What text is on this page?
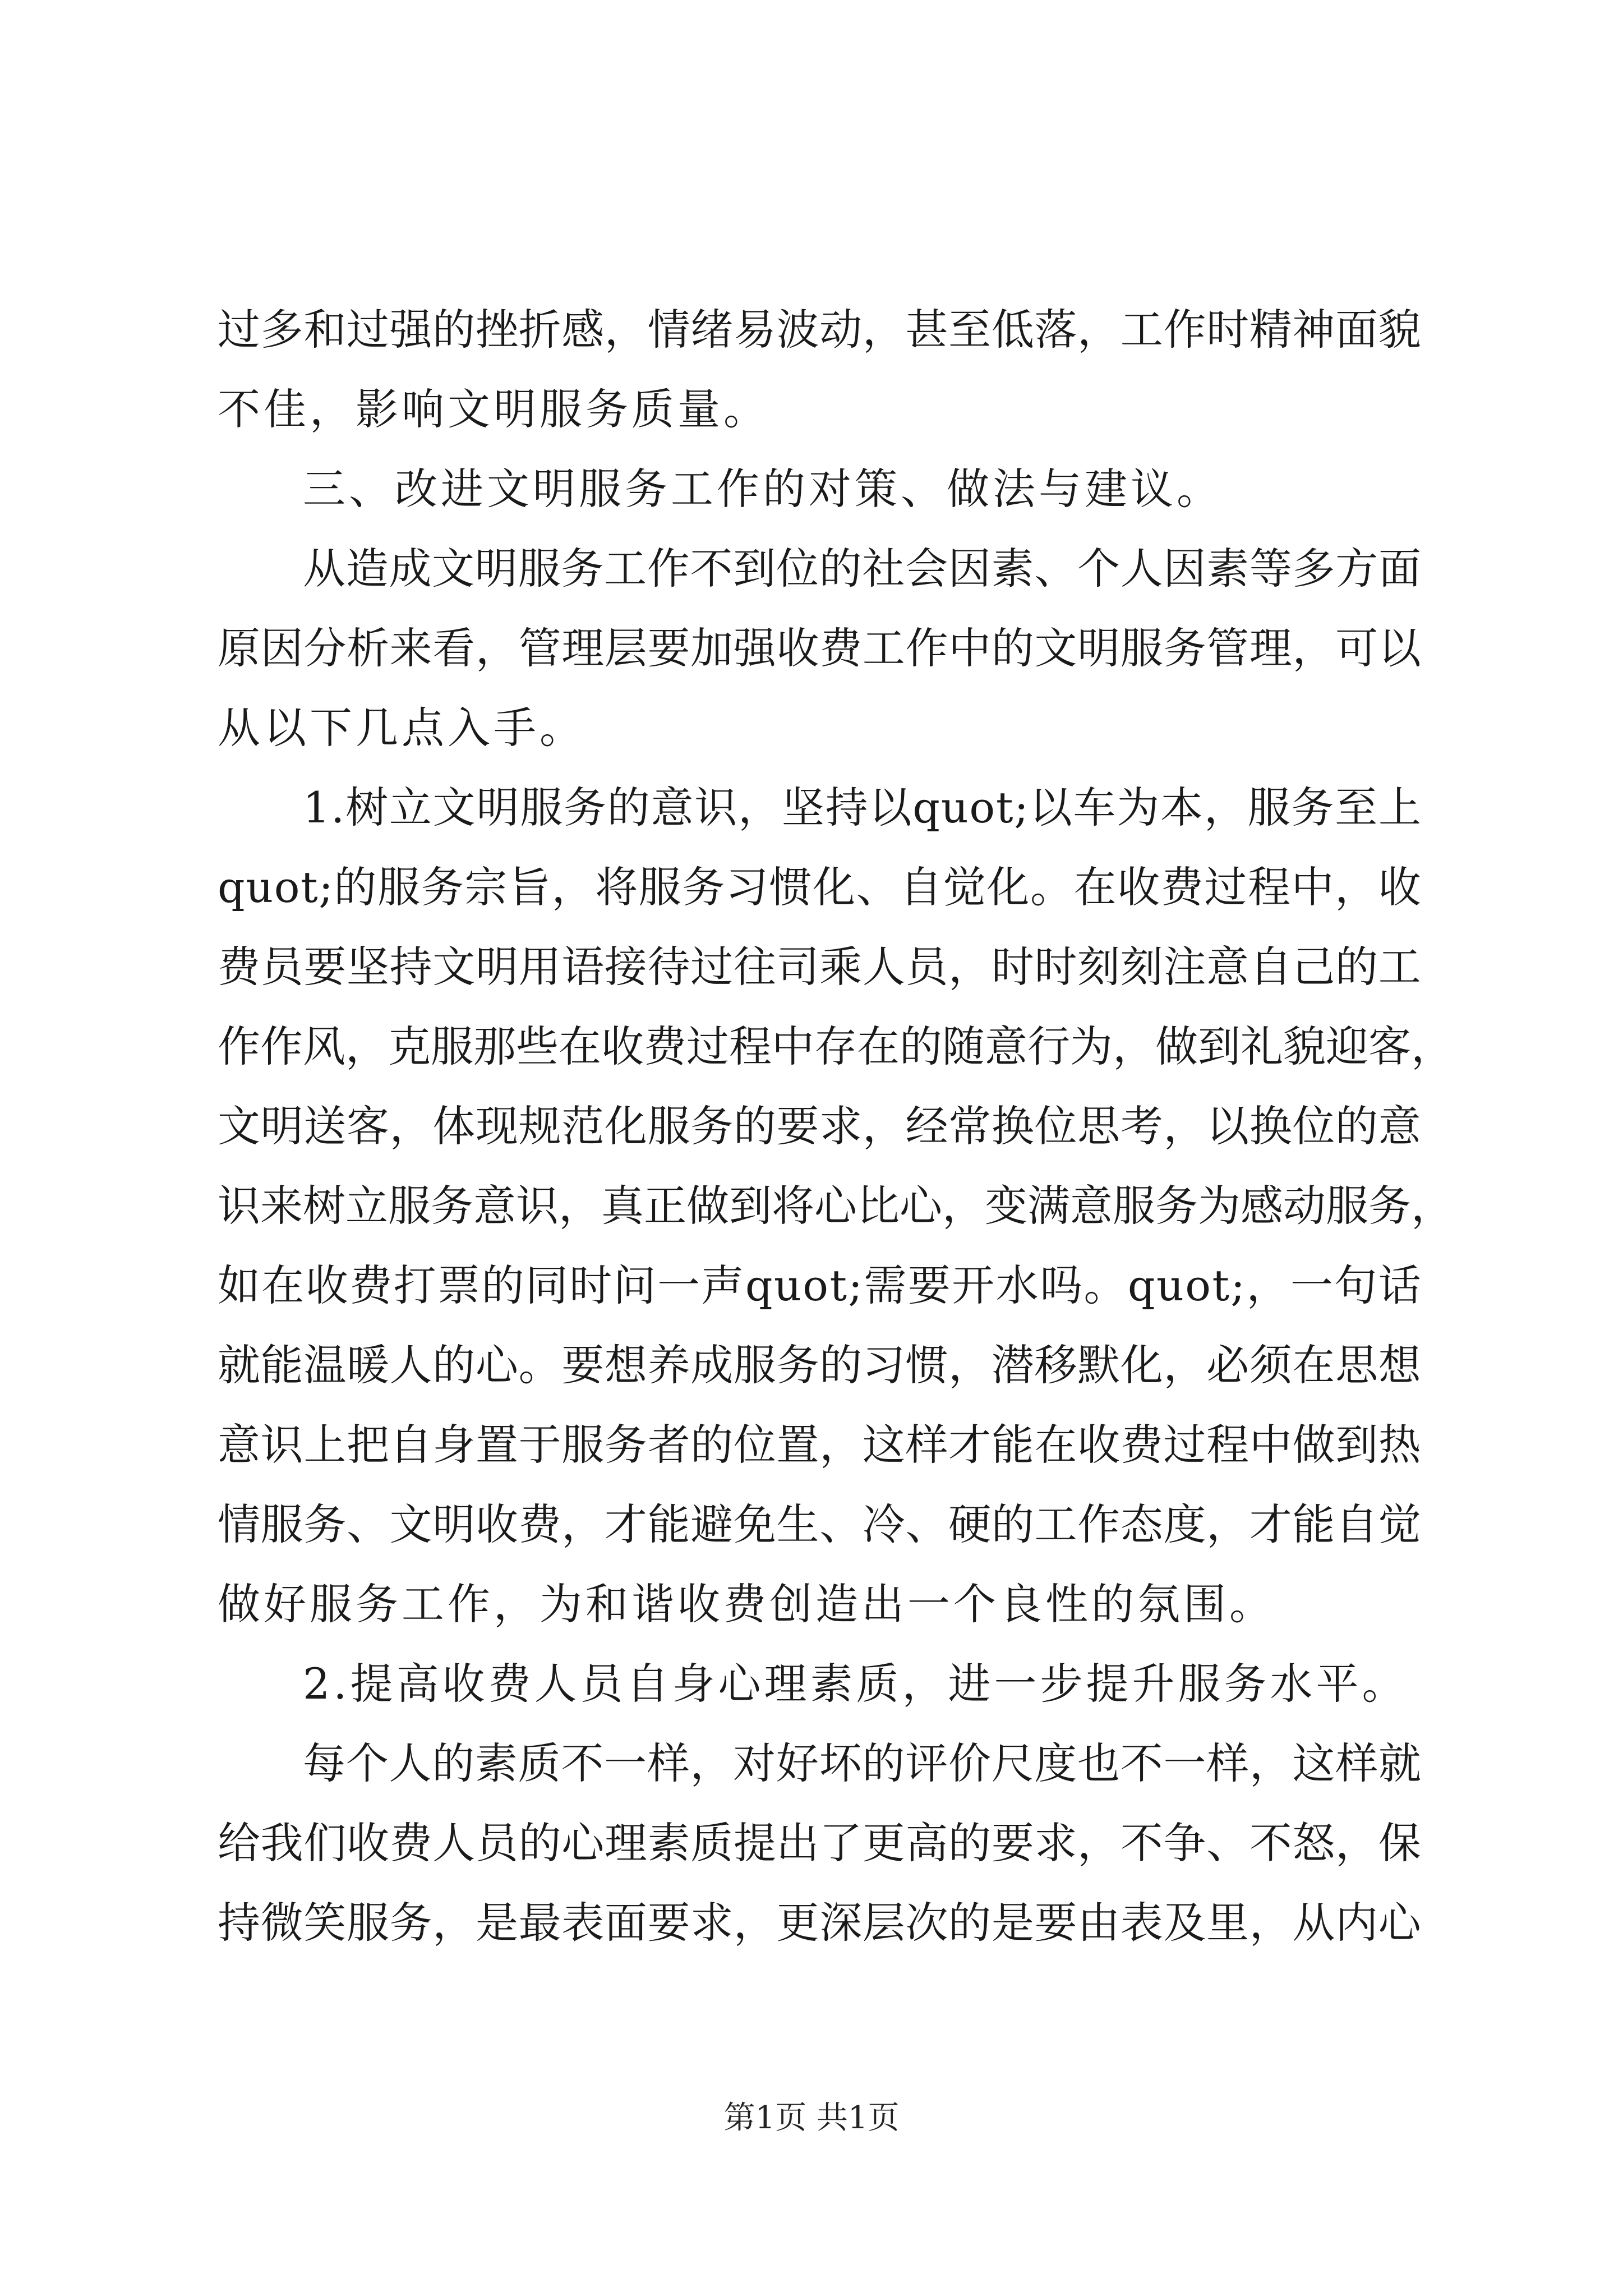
过 多 和 过 强 的 挫 折 感 ， 情 绪 易 波 动 ， 甚 至 低 落 ， 工 作 时 精 神 面 貌
不佳，影响文明服务质量。
三、改进文明服务工作的对策、做法与建议。
从 造 成 文 明 服 务 工 作 不 到 位 的 社 会 因 素 、 个 人 因 素 等 多 方 面
原 因 分 析 来 看 ， 管 理 层 要 加 强 收 费 工 作 中 的 文 明 服 务 管 理 ， 可 以
从以下几点入手。
1 . 树 立 文 明 服 务 的 意 识 ， 坚 持 以 q u o t ; 以 车 为 本 ， 服 务 至 上
q u o t ; 的 服 务 宗 旨 ， 将 服 务 习 惯 化 、 自 觉 化 。 在 收 费 过 程 中 ， 收
费 员 要 坚 持 文 明 用 语 接 待 过 往 司 乘 人 员 ， 时 时 刻 刻 注 意 自 己 的 工
作 作 风 ， 克 服 那 些 在 收 费 过 程 中 存 在 的 随 意 行 为 ， 做 到 礼 貌 迎 客 ，
文 明 送 客 ， 体 现 规 范 化 服 务 的 要 求 ， 经 常 换 位 思 考 ， 以 换 位 的 意
识 来 树 立 服 务 意 识 ， 真 正 做 到 将 心 比 心 ， 变 满 意 服 务 为 感 动 服 务 ，
如 在 收 费 打 票 的 同 时 问 一 声 q u o t ; 需 要 开 水 吗 。 q u o t ; ， 一 句 话
就 能 温 暖 人 的 心 。 要 想 养 成 服 务 的 习 惯 ， 潜 移 默 化 ， 必 须 在 思 想
意 识 上 把 自 身 置 于 服 务 者 的 位 置 ， 这 样 才 能 在 收 费 过 程 中 做 到 热
情 服 务 、 文 明 收 费 ， 才 能 避 免 生 、 冷 、 硬 的 工 作 态 度 ， 才 能 自 觉
做好服务工作，为和谐收费创造出一个良性的氛围。
2.提高收费人员自身心理素质，进一步提升服务水平。
每 个 人 的 素 质 不 一 样 ， 对 好 坏 的 评 价 尺 度 也 不 一 样 ， 这 样 就
给 我 们 收 费 人 员 的 心 理 素 质 提 出 了 更 高 的 要 求 ， 不 争 、 不 怒 ， 保
持 微 笑 服 务 ， 是 最 表 面 要 求 ， 更 深 层 次 的 是 要 由 表 及 里 ， 从 内 心
第1页 共1页
